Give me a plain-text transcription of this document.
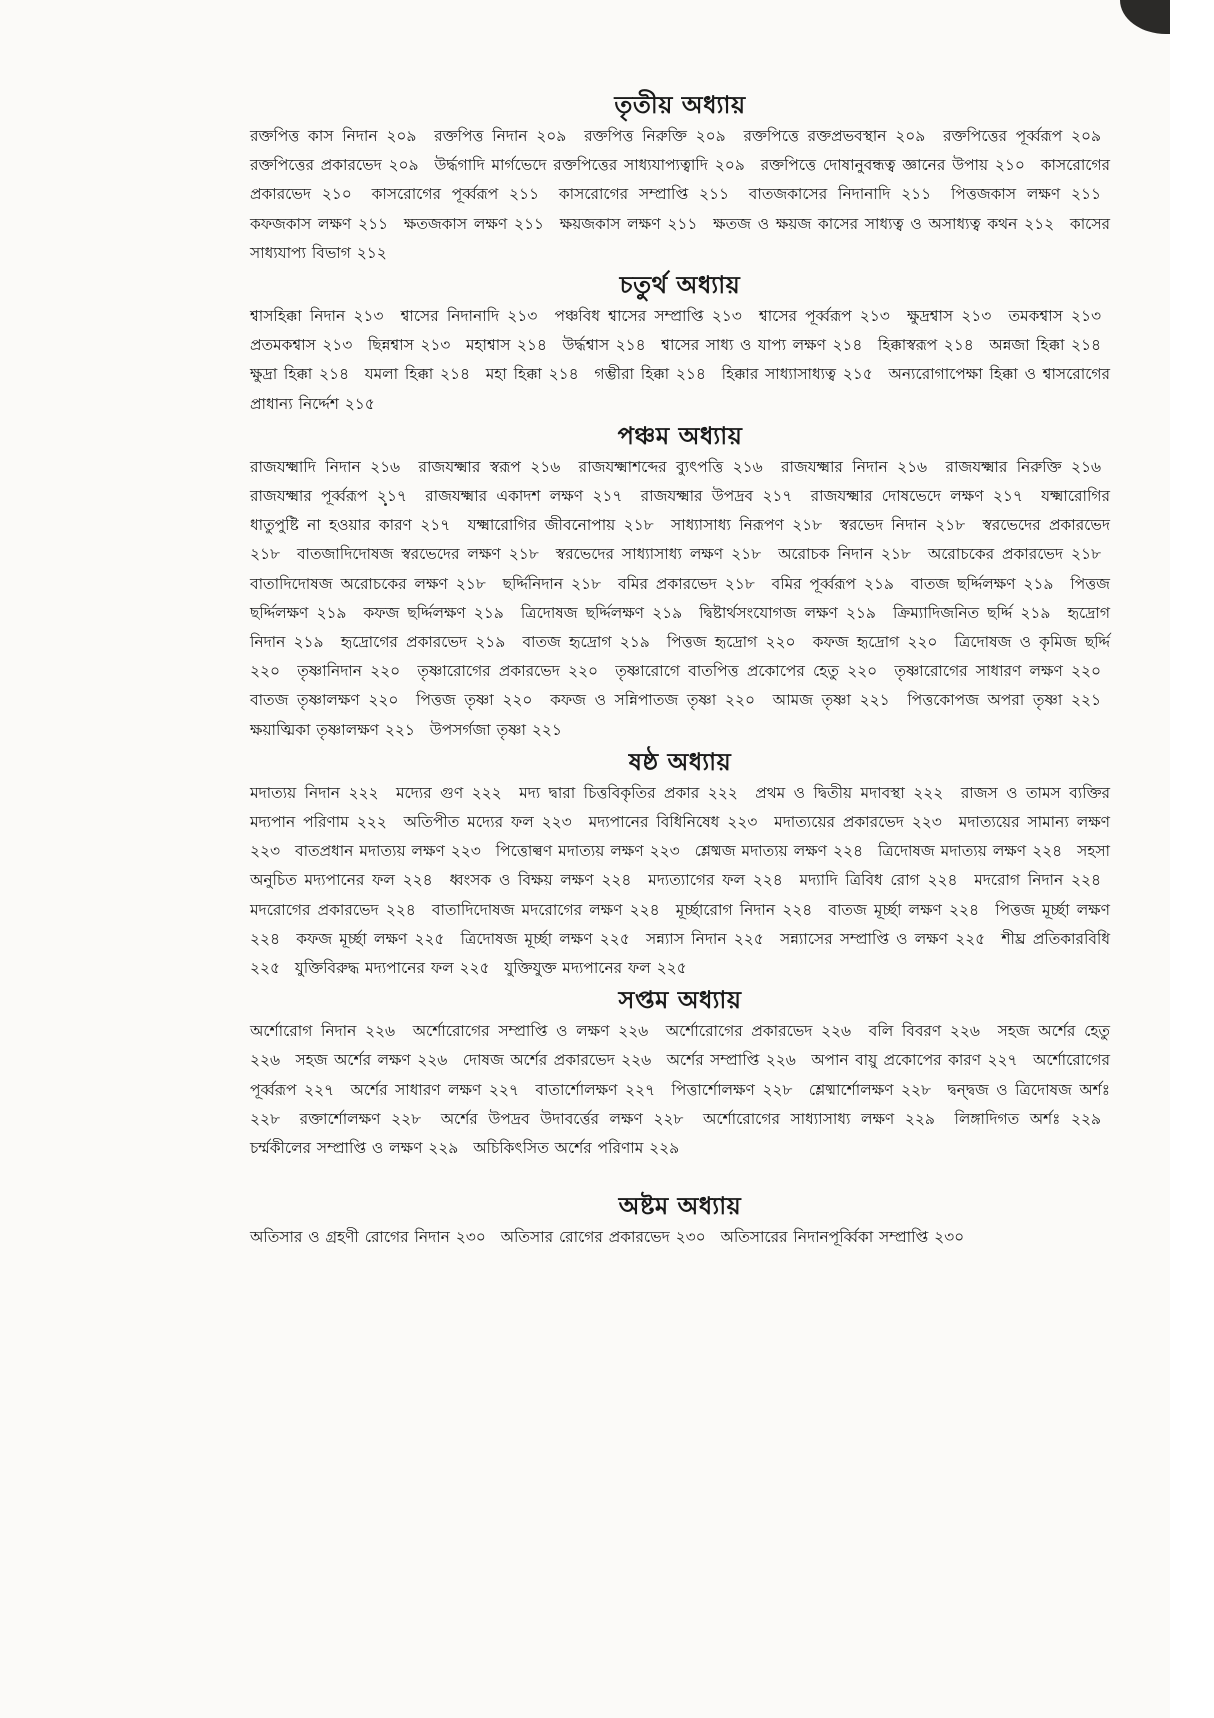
তৃতীয় অধ্যায়

রক্তপিত্ত কাস নিদান ২০৯ রক্তপিত্ত নিদান ২০৯ রক্তপিত্ত নিরুক্তি ২০৯ রক্তপিত্তে রক্তপ্রভবস্থান ২০৯ রক্তপিত্তের পূর্ব্বরূপ ২০৯ রক্তপিত্তের প্রকারভেদ ২০৯ উর্দ্ধগাদি মার্গভেদে রক্তপিত্তের সাধ্যযাপ্যত্বাদি ২০৯ রক্তপিত্তে দোষানুবন্ধত্ব জ্ঞানের উপায় ২১০ কাসরোগের প্রকারভেদ ২১০ কাসরোগের পূর্ব্বরূপ ২১১ কাসরোগের সম্প্রাপ্তি ২১১ বাতজকাসের নিদানাদি ২১১ পিত্তজকাস লক্ষণ ২১১ কফজকাস লক্ষণ ২১১ ক্ষতজকাস লক্ষণ ২১১ ক্ষয়জকাস লক্ষণ ২১১ ক্ষতজ ও ক্ষয়জ কাসের সাধ্যত্ব ও অসাধ্যত্ব কথন ২১২ কাসের সাধ্যযাপ্য বিভাগ ২১২

চতুর্থ অধ্যায়

শ্বাসহিক্কা নিদান ২১৩ শ্বাসের নিদানাদি ২১৩ পঞ্চবিধ শ্বাসের সম্প্রাপ্তি ২১৩ শ্বাসের পূর্ব্বরূপ ২১৩ ক্ষুদ্রশ্বাস ২১৩ তমকশ্বাস ২১৩ প্রতমকশ্বাস ২১৩ ছিন্নশ্বাস ২১৩ মহাশ্বাস ২১৪ উর্দ্ধশ্বাস ২১৪ শ্বাসের সাধ্য ও যাপ্য লক্ষণ ২১৪ হিক্কাস্বরূপ ২১৪ অন্নজা হিক্কা ২১৪ ক্ষুদ্রা হিক্কা ২১৪ যমলা হিক্কা ২১৪ মহা হিক্কা ২১৪ গম্ভীরা হিক্কা ২১৪ হিক্কার সাধ্যাসাধ্যত্ব ২১৫ অন্যরোগাপেক্ষা হিক্কা ও শ্বাসরোগের প্রাধান্য নির্দ্দেশ ২১৫

পঞ্চম অধ্যায়

রাজযক্ষ্মাদি নিদান ২১৬ রাজযক্ষ্মার স্বরূপ ২১৬ রাজযক্ষ্মাশব্দের ব্যুৎপত্তি ২১৬ রাজযক্ষ্মার নিদান ২১৬ রাজযক্ষ্মার নিরুক্তি ২১৬ রাজযক্ষ্মার পূর্ব্বরূপ ২১৭ রাজযক্ষ্মার একাদশ লক্ষণ ২১৭ রাজযক্ষ্মার উপদ্রব ২১৭ রাজযক্ষ্মার দোষভেদে লক্ষণ ২১৭ যক্ষ্মারোগির ধাতুপুষ্টি না হওয়ার কারণ ২১৭ যক্ষ্মারোগির জীবনোপায় ২১৮ সাধ্যাসাধ্য নিরূপণ ২১৮ স্বরভেদ নিদান ২১৮ স্বরভেদের প্রকারভেদ ২১৮ বাতজাদিদোষজ স্বরভেদের লক্ষণ ২১৮ স্বরভেদের সাধ্যাসাধ্য লক্ষণ ২১৮ অরোচক নিদান ২১৮ অরোচকের প্রকারভেদ ২১৮ বাতাদিদোষজ অরোচকের লক্ষণ ২১৮ ছর্দ্দিনিদান ২১৮ বমির প্রকারভেদ ২১৮ বমির পূর্ব্বরূপ ২১৯ বাতজ ছর্দ্দিলক্ষণ ২১৯ পিত্তজ ছর্দ্দিলক্ষণ ২১৯ কফজ ছর্দ্দিলক্ষণ ২১৯ ত্রিদোষজ ছর্দ্দিলক্ষণ ২১৯ দ্বিষ্টার্থসংযোগজ লক্ষণ ২১৯ ক্রিম্যাদিজনিত ছর্দ্দি ২১৯ হৃদ্রোগ নিদান ২১৯ হৃদ্রোগের প্রকারভেদ ২১৯ বাতজ হৃদ্রোগ ২১৯ পিত্তজ হৃদ্রোগ ২২০ কফজ হৃদ্রোগ ২২০ ত্রিদোষজ ও কৃমিজ ছর্দ্দি ২২০ তৃষ্ণানিদান ২২০ তৃষ্ণারোগের প্রকারভেদ ২২০ তৃষ্ণারোগে বাতপিত্ত প্রকোপের হেতু ২২০ তৃষ্ণারোগের সাধারণ লক্ষণ ২২০ বাতজ তৃষ্ণালক্ষণ ২২০ পিত্তজ তৃষ্ণা ২২০ কফজ ও সন্নিপাতজ তৃষ্ণা ২২০ আমজ তৃষ্ণা ২২১ পিত্তকোপজ অপরা তৃষ্ণা ২২১ ক্ষয়াত্মিকা তৃষ্ণালক্ষণ ২২১ উপসর্গজা তৃষ্ণা ২২১

ষষ্ঠ অধ্যায়

মদাত্যয় নিদান ২২২ মদ্যের গুণ ২২২ মদ্য দ্বারা চিত্তবিকৃতির প্রকার ২২২ প্রথম ও দ্বিতীয় মদাবস্থা ২২২ রাজস ও তামস ব্যক্তির মদ্যপান পরিণাম ২২২ অতিপীত মদ্যের ফল ২২৩ মদ্যপানের বিধিনিষেধ ২২৩ মদাত্যয়ের প্রকারভেদ ২২৩ মদাত্যয়ের সামান্য লক্ষণ ২২৩ বাতপ্রধান মদাত্যয় লক্ষণ ২২৩ পিত্তোল্বণ মদাত্যয় লক্ষণ ২২৩ শ্লেষ্মজ মদাত্যয় লক্ষণ ২২৪ ত্রিদোষজ মদাত্যয় লক্ষণ ২২৪ সহসা অনুচিত মদ্যপানের ফল ২২৪ ধ্বংসক ও বিক্ষয় লক্ষণ ২২৪ মদ্যত্যাগের ফল ২২৪ মদ্যাদি ত্রিবিধ রোগ ২২৪ মদরোগ নিদান ২২৪ মদরোগের প্রকারভেদ ২২৪ বাতাদিদোষজ মদরোগের লক্ষণ ২২৪ মূর্চ্ছারোগ নিদান ২২৪ বাতজ মূর্চ্ছা লক্ষণ ২২৪ পিত্তজ মূর্চ্ছা লক্ষণ ২২৪ কফজ মূর্চ্ছা লক্ষণ ২২৫ ত্রিদোষজ মূর্চ্ছা লক্ষণ ২২৫ সন্ন্যাস নিদান ২২৫ সন্ন্যাসের সম্প্রাপ্তি ও লক্ষণ ২২৫ শীঘ্র প্রতিকারবিধি ২২৫ যুক্তিবিরুদ্ধ মদ্যপানের ফল ২২৫ যুক্তিযুক্ত মদ্যপানের ফল ২২৫

সপ্তম অধ্যায়

অর্শোরোগ নিদান ২২৬ অর্শোরোগের সম্প্রাপ্তি ও লক্ষণ ২২৬ অর্শোরোগের প্রকারভেদ ২২৬ বলি বিবরণ ২২৬ সহজ অর্শের হেতু ২২৬ সহজ অর্শের লক্ষণ ২২৬ দোষজ অর্শের প্রকারভেদ ২২৬ অর্শের সম্প্রাপ্তি ২২৬ অপান বায়ু প্রকোপের কারণ ২২৭ অর্শোরোগের পূর্ব্বরূপ ২২৭ অর্শের সাধারণ লক্ষণ ২২৭ বাতার্শোলক্ষণ ২২৭ পিত্তার্শোলক্ষণ ২২৮ শ্লেষ্মার্শোলক্ষণ ২২৮ দ্বন্দ্বজ ও ত্রিদোষজ অর্শঃ ২২৮ রক্তার্শোলক্ষণ ২২৮ অর্শের উপদ্রব উদাবর্ত্তের লক্ষণ ২২৮ অর্শোরোগের সাধ্যাসাধ্য লক্ষণ ২২৯ লিঙ্গাদিগত অর্শঃ ২২৯ চর্ম্মকীলের সম্প্রাপ্তি ও লক্ষণ ২২৯ অচিকিৎসিত অর্শের পরিণাম ২২৯

অষ্টম অধ্যায়

অতিসার ও গ্রহণী রোগের নিদান ২৩০ অতিসার রোগের প্রকারভেদ ২৩০ অতিসারের নিদানপূর্ব্বিকা সম্প্রাপ্তি ২৩০
